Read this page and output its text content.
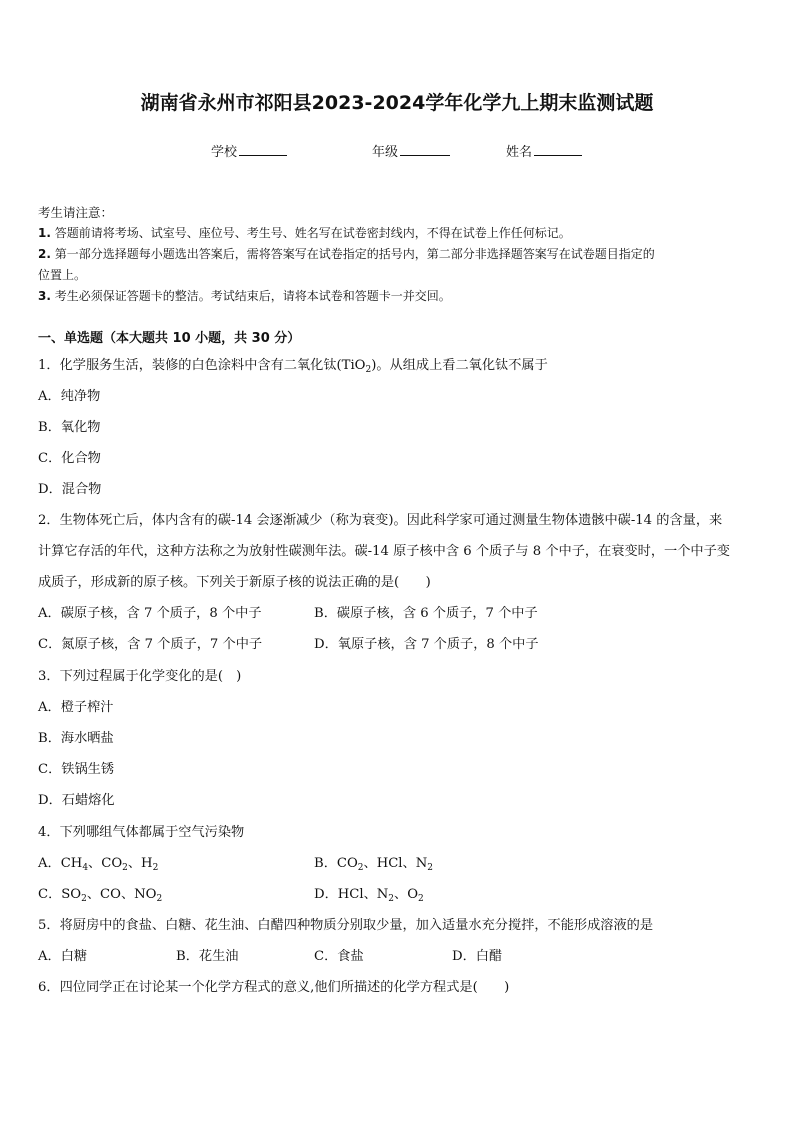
湖南省永州市祁阳县2023-2024学年化学九上期末监测试题
学校	年级	姓名
考生请注意：
1. 答题前请将考场、试室号、座位号、考生号、姓名写在试卷密封线内，不得在试卷上作任何标记。
2. 第一部分选择题每小题选出答案后，需将答案写在试卷指定的括号内，第二部分非选择题答案写在试卷题目指定的
位置上。
3. 考生必须保证答题卡的整洁。考试结束后，请将本试卷和答题卡一并交回。
一、单选题（本大题共 10 小题，共 30 分）
1．化学服务生活，装修的白色涂料中含有二氧化钛(TiO$_2$)。从组成上看二氧化钛不属于
A．纯净物
B．氧化物
C．化合物
D．混合物
2．生物体死亡后，体内含有的碳-14 会逐渐减少（称为衰变)。因此科学家可通过测量生物体遗骸中碳-14 的含量，来
计算它存活的年代，这种方法称之为放射性碳测年法。碳-14 原子核中含 6 个质子与 8 个中子，在衰变时，一个中子变
成质子，形成新的原子核。下列关于新原子核的说法正确的是(　　)
A．碳原子核，含 7 个质子，8 个中子	B．碳原子核，含 6 个质子，7 个中子
C．氮原子核，含 7 个质子，7 个中子	D．氧原子核，含 7 个质子，8 个中子
3．下列过程属于化学变化的是(　)
A．橙子榨汁
B．海水晒盐
C．铁锅生锈
D．石蜡熔化
4．下列哪组气体都属于空气污染物
A．$CH_4$、$CO_2$、$H_2$	B．$CO_2$、HCl、$N_2$
C．$SO_2$、CO、$NO_2$	D．HCl、$N_2$、$O_2$
5．将厨房中的食盐、白糖、花生油、白醋四种物质分别取少量，加入适量水充分搅拌，不能形成溶液的是
A．白糖	B．花生油	C．食盐	D．白醋
6．四位同学正在讨论某一个化学方程式的意义,他们所描述的化学方程式是(　　)
